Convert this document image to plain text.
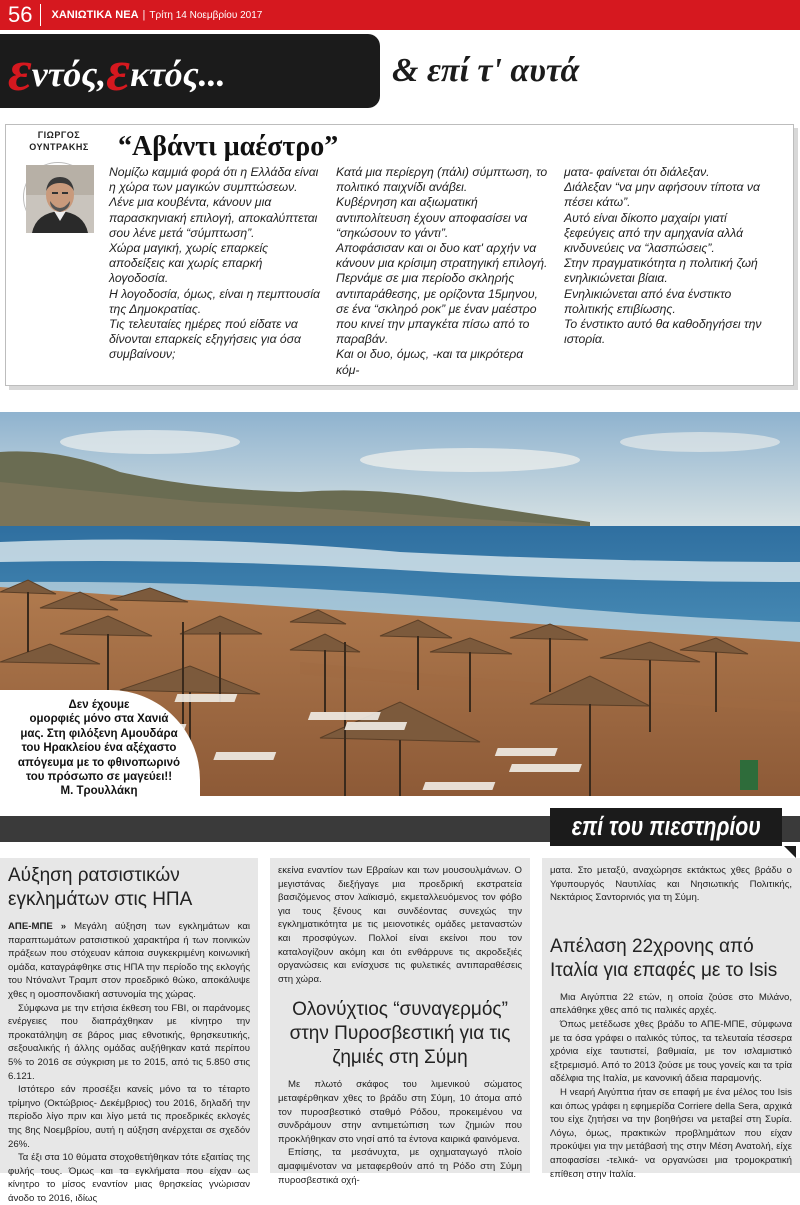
56	ΧΑΝΙΩΤΙΚΑ ΝΕΑ | Τρίτη 14 Νοεμβρίου 2017
ε ντός, ε κτός...	& επί τ' αυτά
ΓΙΩΡΓΟΣ
ΟΥΝΤΡΑΚΗΣ	“Αβάντι μαέστρο”

Νομίζω καμμιά φορά ότι η Ελλάδα είναι η χώρα των μαγικών συμπτώσεων.

Λένε μια κουβέντα, κάνουν μια παρασκηνιακή επιλογή, αποκαλύπτεται σου λένε μετά “σύμπτωση”.

Χώρα μαγική, χωρίς επαρκείς αποδείξεις και χωρίς επαρκή λογοδοσία.

Η λογοδοσία, όμως, είναι η πεμπτουσία της Δημοκρατίας.

Τις τελευταίες ημέρες πού είδατε να δίνονται επαρκείς εξηγήσεις για όσα συμβαίνουν;

Κατά μια περίεργη (πάλι) σύμπτωση, το πολιτικό παιχνίδι ανάβει.

Κυβέρνηση και αξιωματική αντιπολίτευση έχουν αποφασίσει να “σηκώσουν το γάντι”.

Αποφάσισαν και οι δυο κατ' αρχήν να κάνουν μια κρίσιμη στρατηγική επιλογή.

Περνάμε σε μια περίοδο σκληρής αντιπαράθεσης, με ορίζοντα 15μηνου, σε ένα “σκληρό ροκ” με έναν μαέστρο που κινεί την μπαγκέτα πίσω από το παραβάν.

Και οι δυο, όμως, -και τα μικρότερα κόμ-

ματα- φαίνεται ότι διάλεξαν.

Διάλεξαν “να μην αφήσουν τίποτα να πέσει κάτω”.

Αυτό είναι δίκοπο μαχαίρι γιατί ξεφεύγεις από την αμηχανία αλλά κινδυνεύεις να “λασπώσεις”.

Στην πραγματικότητα η πολιτική ζωή ενηλικιώνεται βίαια.

Ενηλικιώνεται από ένα ένστικτο πολιτικής επιβίωσης.

Το ένστικτο αυτό θα καθοδηγήσει την ιστορία.

Δεν έχουμε
ομορφιές μόνο στα Χανιά
μας. Στη φιλόξενη Αμουδάρα
του Ηρακλείου ένα αξέχαστο
απόγευμα με το φθινοπωρινό
του πρόσωπο σε μαγεύει!!
Μ. Τρουλλάκη
επί του πιεστηρίου
Αύξηση ρατσιστικών εγκλημάτων στις ΗΠΑ

ΑΠΕ-ΜΠΕ » Μεγάλη αύξηση των εγκλημάτων και παραπτωμάτων ρατσιστικού χαρακτήρα ή των ποινικών πράξεων που στόχευαν κάποια συγκεκριμένη κοινωνική ομάδα, καταγράφθηκε στις ΗΠΑ την περίοδο της εκλογής του Ντόναλντ Τραμπ στον προεδρικό θώκο, αποκάλυψε χθες η ομοσπονδιακή αστυνομία της χώρας.

Σύμφωνα με την ετήσια έκθεση του FBI, οι παράνομες ενέργειες που διαπράχθηκαν με κίνητρο την προκατάληψη σε βάρος μιας εθνοτικής, θρησκευτικής, σεξουαλικής ή άλλης ομάδας αυξήθηκαν κατά περίπου 5% το 2016 σε σύγκριση με το 2015, από τις 5.850 στις 6.121.

Ιστότερο εάν προσέξει κανείς μόνο τα το τέταρτο τρίμηνο (Οκτώβριος- Δεκέμβριος) του 2016, δηλαδή την περίοδο λίγο πριν και λίγο μετά τις προεδρικές εκλογές της 8ης Νοεμβρίου, αυτή η αύξηση ανέρχεται σε σχεδόν 26%.

Τα έξι στα 10 θύματα στοχοθετήθηκαν τότε εξαιτίας της φυλής τους. Όμως και τα εγκλήματα που είχαν ως κίνητρο το μίσος εναντίον μιας θρησκείας γνώρισαν άνοδο το 2016, ιδίως

εκείνα εναντίον των Εβραίων και των μουσουλμάνων. Ο μεγιστάνας διεξήγαγε μια προεδρική εκστρατεία βασιζόμενος στον λαϊκισμό, εκμεταλλευόμενος τον φόβο για τους ξένους και συνδέοντας συνεχώς την εγκληματικότητα με τις μειονοτικές ομάδες μεταναστών και προσφύγων. Πολλοί είναι εκείνοι που τον καταλογίζουν ακόμη και ότι ενθάρρυνε τις ακροδεξιές οργανώσεις και ενίσχυσε τις φυλετικές αντιπαραθέσεις στη χώρα.

Ολονύχτιος “συναγερμός” στην Πυροσβεστική για τις ζημιές στη Σύμη

Με πλωτό σκάφος του λιμενικού σώματος μεταφέρθηκαν χθες το βράδυ στη Σύμη, 10 άτομα από τον πυροσβεστικό σταθμό Ρόδου, προκειμένου να συνδράμουν στην αντιμετώπιση των ζημιών που προκλήθηκαν στο νησί από τα έντονα καιρικά φαινόμενα.

Επίσης, τα μεσάνυχτα, με οχηματαγωγό πλοίο αμαφιμένοταν να μεταφερθούν από τη Ρόδο στη Σύμη πυροσβεστικά οχή-

ματα. Στο μεταξύ, αναχώρησε εκτάκτως χθες βράδυ ο Υφυπουργός Ναυτιλίας και Νησιωτικής Πολιτικής, Νεκτάριος Σαντορινιός για τη Σύμη.

Απέλαση 22χρονης από Ιταλία για επαφές με το Isis

Μια Αιγύπτια 22 ετών, η οποία ζούσε στο Μιλάνο, απελάθηκε χθες από τις ιταλικές αρχές.

Όπως μετέδωσε χθες βράδυ το ΑΠΕ-ΜΠΕ, σύμφωνα με τα όσα γράφει ο ιταλικός τύπος, τα τελευταία τέσσερα χρόνια είχε ταυτιστεί, βαθμιαία, με τον ισλαμιστικό εξτρεμισμό. Από το 2013 ζούσε με τους γονείς και τα τρία αδέλφια της Ιταλία, με κανονική άδεια παραμονής.

Η νεαρή Αιγύπτια ήταν σε επαφή με ένα μέλος του Isis και όπως γράφει η εφημερίδα Corriere della Sera, αρχικά του είχε ζητήσει να την βοηθήσει να μεταβεί στη Συρία. Λόγω, όμως, πρακτικών προβλημάτων που είχαν προκύψει για την μετάβασή της στην Μέση Ανατολή, είχε αποφασίσει -τελικά- να οργανώσει μια τρομοκρατική επίθεση στην Ιταλία.
